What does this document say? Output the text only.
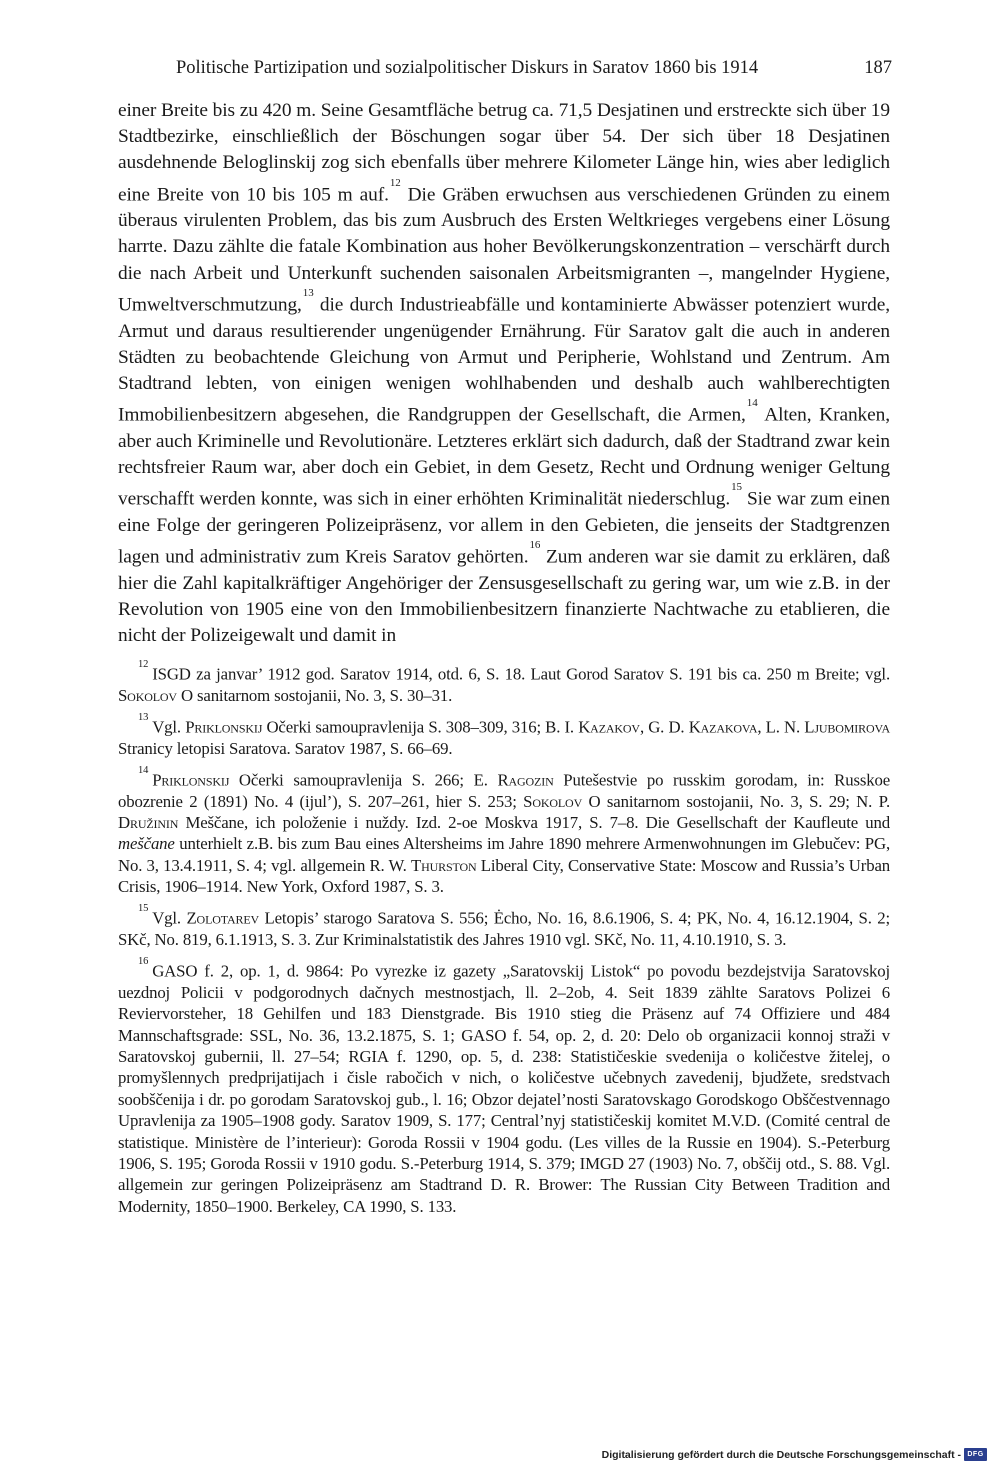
Politische Partizipation und sozialpolitischer Diskurs in Saratov 1860 bis 1914	187

einer Breite bis zu 420 m. Seine Gesamtfläche betrug ca. 71,5 Desjatinen und erstreckte sich über 19 Stadtbezirke, einschließlich der Böschungen sogar über 54. Der sich über 18 Desjatinen ausdehnende Beloglinskij zog sich ebenfalls über mehrere Kilometer Länge hin, wies aber lediglich eine Breite von 10 bis 105 m auf.$^{12}$ Die Gräben erwuchsen aus verschiedenen Gründen zu einem überaus virulenten Problem, das bis zum Ausbruch des Ersten Weltkrieges vergebens einer Lösung harrte. Dazu zählte die fatale Kombination aus hoher Bevölkerungskonzentration – verschärft durch die nach Arbeit und Unterkunft suchenden saisonalen Arbeitsmigranten –, mangelnder Hygiene, Umweltverschmutzung,$^{13}$ die durch Industrieabfälle und kontaminierte Abwässer potenziert wurde, Armut und daraus resultierender ungenügender Ernährung. Für Saratov galt die auch in anderen Städten zu beobachtende Gleichung von Armut und Peripherie, Wohlstand und Zentrum. Am Stadtrand lebten, von einigen wenigen wohlhabenden und deshalb auch wahlberechtigten Immobilienbesitzern abgesehen, die Randgruppen der Gesellschaft, die Armen,$^{14}$ Alten, Kranken, aber auch Kriminelle und Revolutionäre. Letzteres erklärt sich dadurch, daß der Stadtrand zwar kein rechtsfreier Raum war, aber doch ein Gebiet, in dem Gesetz, Recht und Ordnung weniger Geltung verschafft werden konnte, was sich in einer erhöhten Kriminalität niederschlug.$^{15}$ Sie war zum einen eine Folge der geringeren Polizeipräsenz, vor allem in den Gebieten, die jenseits der Stadtgrenzen lagen und administrativ zum Kreis Saratov gehörten.$^{16}$ Zum anderen war sie damit zu erklären, daß hier die Zahl kapitalkräftiger Angehöriger der Zensusgesellschaft zu gering war, um wie z.B. in der Revolution von 1905 eine von den Immobilienbesitzern finanzierte Nachtwache zu etablieren, die nicht der Polizeigewalt und damit in

$^{12}$ISGD za janvar’ 1912 god. Saratov 1914, otd. 6, S. 18. Laut Gorod Saratov S. 191 bis ca. 250 m Breite; vgl. Sokolov O sanitarnom sostojanii, No. 3, S. 30–31.

$^{13}$Vgl. Priklonskij Očerki samoupravlenija S. 308–309, 316; B. I. Kazakov, G. D. Kazakova, L. N. Ljubomirova Stranicy letopisi Saratova. Saratov 1987, S. 66–69.

$^{14}$Priklonskij Očerki samoupravlenija S. 266; E. Ragozin Putešestvie po russkim gorodam, in: Russkoe obozrenie 2 (1891) No. 4 (ijul’), S. 207–261, hier S. 253; Sokolov O sanitarnom sostojanii, No. 3, S. 29; N. P. Družinin Meščane, ich položenie i nuždy. Izd. 2-oe Moskva 1917, S. 7–8. Die Gesellschaft der Kaufleute und meščane unterhielt z.B. bis zum Bau eines Altersheims im Jahre 1890 mehrere Armenwohnungen im Glebučev: PG, No. 3, 13.4.1911, S. 4; vgl. allgemein R. W. Thurston Liberal City, Conservative State: Moscow and Russia’s Urban Crisis, 1906–1914. New York, Oxford 1987, S. 3.

$^{15}$Vgl. Zolotarev Letopis’ starogo Saratova S. 556; Ėcho, No. 16, 8.6.1906, S. 4; PK, No. 4, 16.12.1904, S. 2; SKč, No. 819, 6.1.1913, S. 3. Zur Kriminalstatistik des Jahres 1910 vgl. SKč, No. 11, 4.10.1910, S. 3.

$^{16}$GASO f. 2, op. 1, d. 9864: Po vyrezke iz gazety „Saratovskij Listok“ po povodu bezdejstvija Saratovskoj uezdnoj Policii v podgorodnych dačnych mestnostjach, ll. 2–2ob, 4. Seit 1839 zählte Saratovs Polizei 6 Reviervorsteher, 18 Gehilfen und 183 Dienstgrade. Bis 1910 stieg die Präsenz auf 74 Offiziere und 484 Mannschaftsgrade: SSL, No. 36, 13.2.1875, S. 1; GASO f. 54, op. 2, d. 20: Delo ob organizacii konnoj straži v Saratovskoj gubernii, ll. 27–54; RGIA f. 1290, op. 5, d. 238: Statističeskie svedenija o količestve žitelej, o promyšlennych predprijatijach i čisle rabočich v nich, o količestve učebnych zavedenij, bjudžete, sredstvach soobščenija i dr. po gorodam Saratovskoj gub., l. 16; Obzor dejatel’nosti Saratovskago Gorodskogo Obščestvennago Upravlenija za 1905–1908 gody. Saratov 1909, S. 177; Central’nyj statističeskij komitet M.V.D. (Comité central de statistique. Ministère de l’interieur): Goroda Rossii v 1904 godu. (Les villes de la Russie en 1904). S.-Peterburg 1906, S. 195; Goroda Rossii v 1910 godu. S.-Peterburg 1914, S. 379; IMGD 27 (1903) No. 7, obščij otd., S. 88. Vgl. allgemein zur geringen Polizeipräsenz am Stadtrand D. R. Brower: The Russian City Between Tradition and Modernity, 1850–1900. Berkeley, CA 1990, S. 133.

Digitalisierung gefördert durch die Deutsche Forschungsgemeinschaft - DFG
